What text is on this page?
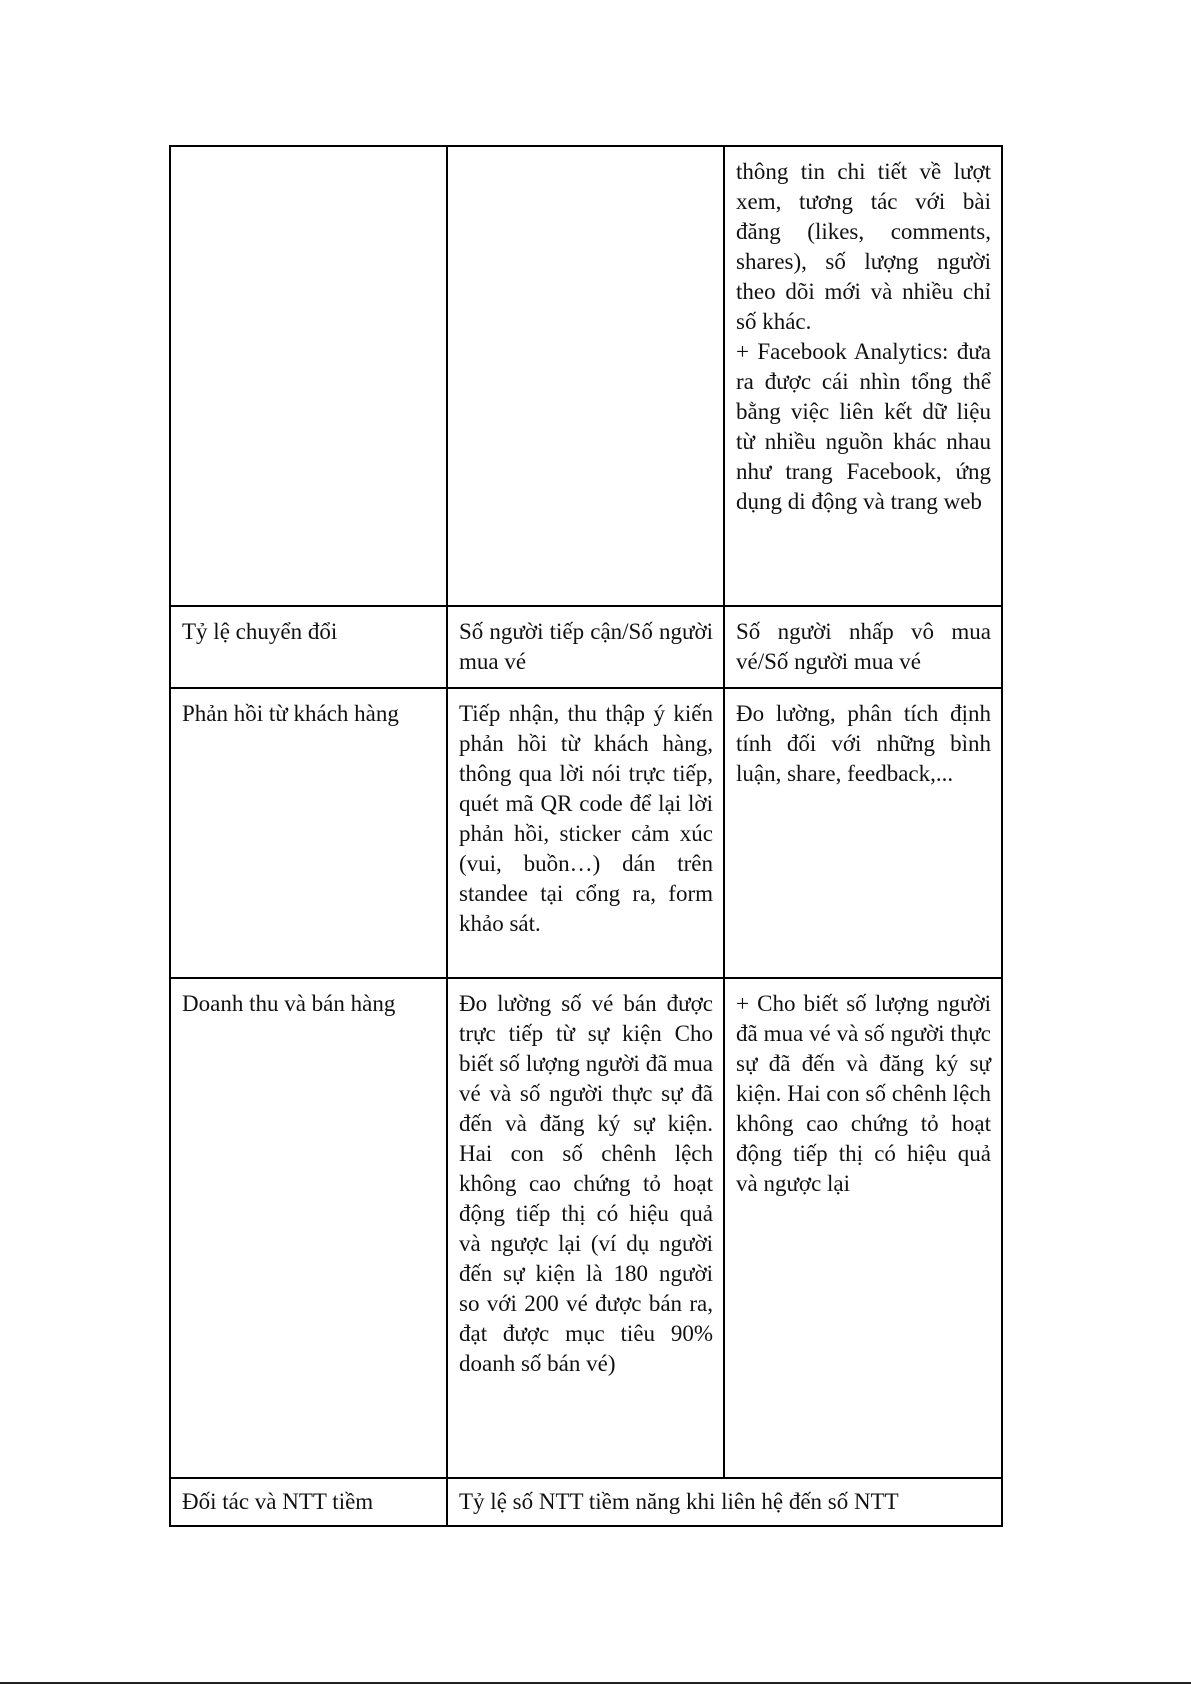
		thông tin chi tiết về lượt xem, tương tác với bài đăng (likes, comments, shares), số lượng người theo dõi mới và nhiều chỉ số khác.
+ Facebook Analytics: đưa ra được cái nhìn tổng thể bằng việc liên kết dữ liệu từ nhiều nguồn khác nhau như trang Facebook, ứng dụng di động và trang web

Tỷ lệ chuyển đổi	Số người tiếp cận/Số người mua vé	Số người nhấp vô mua vé/Số người mua vé
Phản hồi từ khách hàng	Tiếp nhận, thu thập ý kiến phản hồi từ khách hàng, thông qua lời nói trực tiếp, quét mã QR code để lại lời phản hồi, sticker cảm xúc (vui, buồn…) dán trên standee tại cổng ra, form khảo sát.	Đo lường, phân tích định tính đối với những bình luận, share, feedback,...
Doanh thu và bán hàng	Đo lường số vé bán được trực tiếp từ sự kiện Cho biết số lượng người đã mua vé và số người thực sự đã đến và đăng ký sự kiện. Hai con số chênh lệch không cao chứng tỏ hoạt động tiếp thị có hiệu quả và ngược lại (ví dụ người đến sự kiện là 180 người so với 200 vé được bán ra, đạt được mục tiêu 90% doanh số bán vé)	+ Cho biết số lượng người đã mua vé và số người thực sự đã đến và đăng ký sự kiện. Hai con số chênh lệch không cao chứng tỏ hoạt động tiếp thị có hiệu quả và ngược lại
Đối tác và NTT tiềm	Tỷ lệ số NTT tiềm năng khi liên hệ đến số NTT	
